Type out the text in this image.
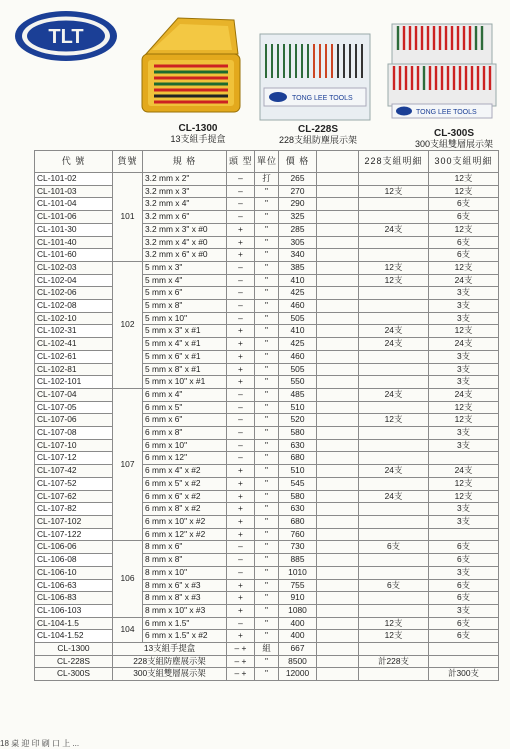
TLT
CL-1300
13支組手提盒
TONG LEE TOOLS
CL-228S
228支組防塵展示架
TONG LEE TOOLS
CL-300S
300支組雙層展示架
代 號	貨號	規 格	頭 型	單位	價 格		228支組明細	300支組明細
CL-101-02	101	3.2 mm x 2"	–	打	265			12支
CL-101-03		3.2 mm x 3"	–	"	270		12支	12支
CL-101-04		3.2 mm x 4"	–	"	290			6支
CL-101-06		3.2 mm x 6"	–	"	325			6支
CL-101-30		3.2 mm x 3" x #0	+	"	285		24支	12支
CL-101-40		3.2 mm x 4" x #0	+	"	305			6支
CL-101-60		3.2 mm x 6" x #0	+	"	340			6支
CL-102-03	102	5 mm x 3"	–	"	385		12支	12支
CL-102-04		5 mm x 4"	–	"	410		12支	24支
CL-102-06		5 mm x 6"	–	"	425			3支
CL-102-08		5 mm x 8"	–	"	460			3支
CL-102-10		5 mm x 10"	–	"	505			3支
CL-102-31		5 mm x 3" x #1	+	"	410		24支	12支
CL-102-41		5 mm x 4" x #1	+	"	425		24支	24支
CL-102-61		5 mm x 6" x #1	+	"	460			3支
CL-102-81		5 mm x 8" x #1	+	"	505			3支
CL-102-101		5 mm x 10" x #1	+	"	550			3支
CL-107-04	107	6 mm x 4"	–	"	485		24支	24支
CL-107-05		6 mm x 5"	–	"	510			12支
CL-107-06		6 mm x 6"	–	"	520		12支	12支
CL-107-08		6 mm x 8"	–	"	580			3支
CL-107-10		6 mm x 10"	–	"	630			3支
CL-107-12		6 mm x 12"	–	"	680			
CL-107-42		6 mm x 4" x #2	+	"	510		24支	24支
CL-107-52		6 mm x 5" x #2	+	"	545			12支
CL-107-62		6 mm x 6" x #2	+	"	580		24支	12支
CL-107-82		6 mm x 8" x #2	+	"	630			3支
CL-107-102		6 mm x 10" x #2	+	"	680			3支
CL-107-122		6 mm x 12" x #2	+	"	760			
CL-106-06	106	8 mm x 6"	–	"	730		6支	6支
CL-106-08		8 mm x 8"	–	"	885			6支
CL-106-10		8 mm x 10"	–	"	1010			3支
CL-106-63		8 mm x 6" x #3	+	"	755		6支	6支
CL-106-83		8 mm x 8" x #3	+	"	910			6支
CL-106-103		8 mm x 10" x #3	+	"	1080			3支
CL-104-1.5	104	6 mm x 1.5"	–	"	400		12支	6支
CL-104-1.52		6 mm x 1.5" x #2	+	"	400		12支	6支
CL-1300	13支組手提盒		– +	組	667			
CL-228S	228支組防塵展示架		– +	"	8500		計228支	
CL-300S	300支組雙層展示架		– +	"	12000			計300支
18 桌 迎 印 刷 口 上 ...
